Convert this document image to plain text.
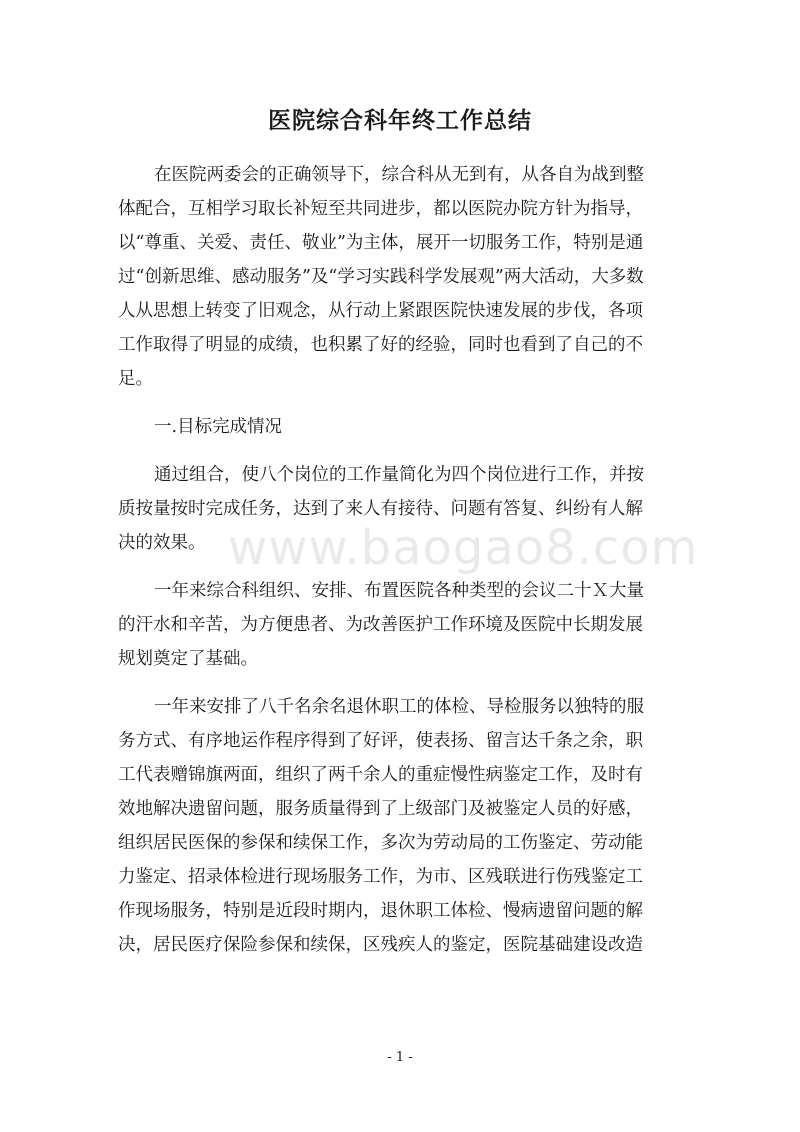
医院综合科年终工作总结
在医院两委会的正确领导下，综合科从无到有，从各自为战到整
体配合，互相学习取长补短至共同进步，都以医院办院方针为指导，
以“尊重、关爱、责任、敬业”为主体，展开一切服务工作，特别是通
过“创新思维、感动服务”及“学习实践科学发展观”两大活动，大多数
人从思想上转变了旧观念，从行动上紧跟医院快速发展的步伐，各项
工作取得了明显的成绩，也积累了好的经验，同时也看到了自己的不
足。
一.目标完成情况
通过组合，使八个岗位的工作量简化为四个岗位进行工作，并按
质按量按时完成任务，达到了来人有接待、问题有答复、纠纷有人解
决的效果。
一年来综合科组织、安排、布置医院各种类型的会议二十Ｘ大量
的汗水和辛苦，为方便患者、为改善医护工作环境及医院中长期发展
规划奠定了基础。
一年来安排了八千名余名退休职工的体检、导检服务以独特的服
务方式、有序地运作程序得到了好评，使表扬、留言达千条之余，职
工代表赠锦旗两面，组织了两千余人的重症慢性病鉴定工作，及时有
效地解决遗留问题，服务质量得到了上级部门及被鉴定人员的好感，
组织居民医保的参保和续保工作，多次为劳动局的工伤鉴定、劳动能
力鉴定、招录体检进行现场服务工作，为市、区残联进行伤残鉴定工
作现场服务，特别是近段时期内，退休职工体检、慢病遗留问题的解
决，居民医疗保险参保和续保，区残疾人的鉴定，医院基础建设改造
www.baogao8.com
- 1 -
